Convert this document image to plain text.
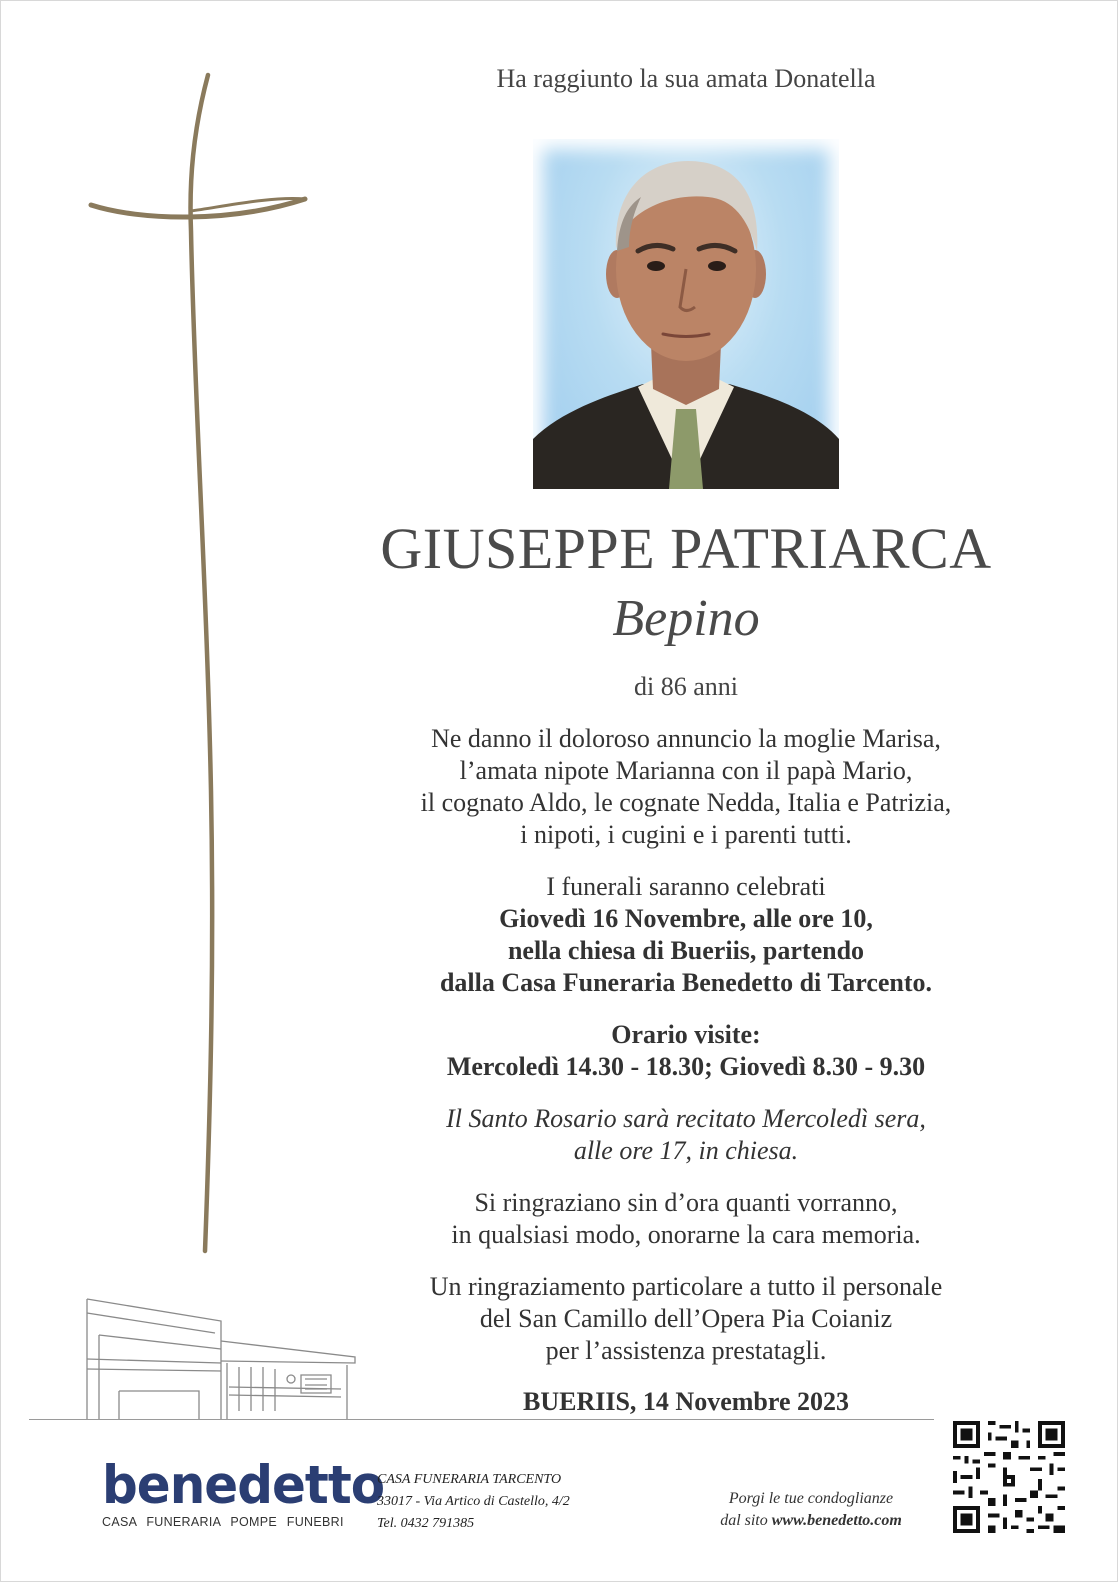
Ha raggiunto la sua amata Donatella
GIUSEPPE PATRIARCA
Bepino
di 86 anni
Ne danno il doloroso annuncio la moglie Marisa,
l’amata nipote Marianna con il papà Mario,
il cognato Aldo, le cognate Nedda, Italia e Patrizia,
i nipoti, i cugini e i parenti tutti.
I funerali saranno celebrati
Giovedì 16 Novembre, alle ore 10,
nella chiesa di Bueriis, partendo
dalla Casa Funeraria Benedetto di Tarcento.
Orario visite:
Mercoledì 14.30 - 18.30; Giovedì 8.30 - 9.30
Il Santo Rosario sarà recitato Mercoledì sera,
alle ore 17, in chiesa.
Si ringraziano sin d’ora quanti vorranno,
in qualsiasi modo, onorarne la cara memoria.
Un ringraziamento particolare a tutto il personale
del San Camillo dell’Opera Pia Coianiz
per l’assistenza prestatagli.
BUERIIS, 14 Novembre 2023
benedetto
CASA FUNERARIA POMPE FUNEBRI
CASA FUNERARIA TARCENTO
33017 - Via Artico di Castello, 4/2
Tel. 0432 791385
Porgi le tue condoglianze
dal sito www.benedetto.com
